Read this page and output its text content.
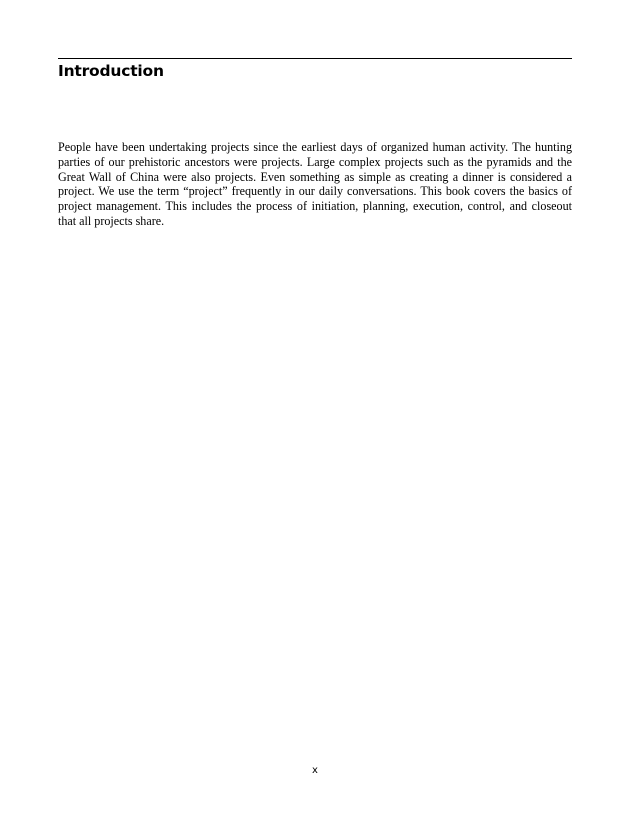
Introduction

People have been undertaking projects since the earliest days of organized human activity. The hunting parties of our prehistoric ancestors were projects. Large complex projects such as the pyramids and the Great Wall of China were also projects. Even something as simple as creating a dinner is considered a project. We use the term “project” frequently in our daily conversations. This book covers the basics of project management. This includes the process of initiation, planning, execution, control, and closeout that all projects share.

x
